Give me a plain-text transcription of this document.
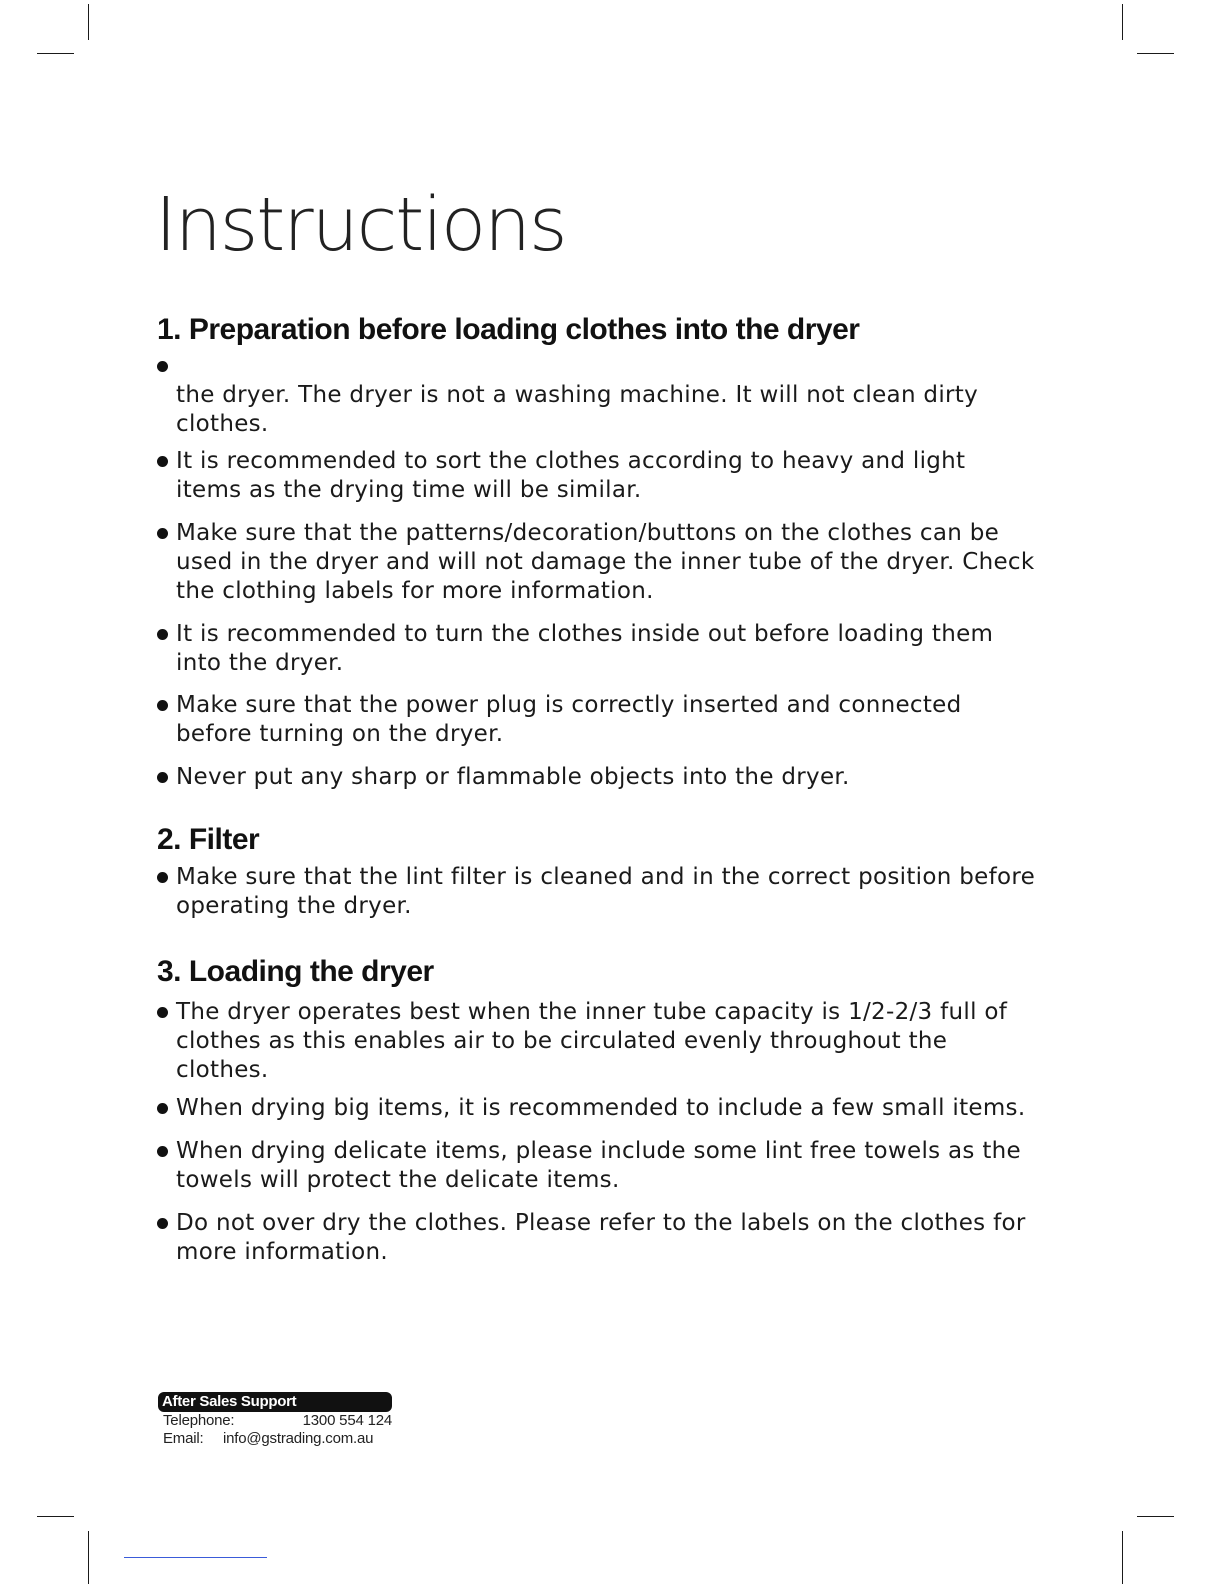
Instructions
1. Preparation before loading clothes into the dryer
the dryer. The dryer is not a washing machine. It will not clean dirty clothes.
It is recommended to sort the clothes according to heavy and light items as the drying time will be similar.
Make sure that the patterns/decoration/buttons on the clothes can be used in the dryer and will not damage the inner tube of the dryer. Check the clothing labels for more information.
It is recommended to turn the clothes inside out before loading them into the dryer.
Make sure that the power plug is correctly inserted and connected before turning on the dryer.
Never put any sharp or flammable objects into the dryer.
2. Filter
Make sure that the lint filter is cleaned and in the correct position before operating the dryer.
3. Loading the dryer
The dryer operates best when the inner tube capacity is 1/2-2/3 full of clothes as this enables air to be circulated evenly throughout the clothes.
When drying big items, it is recommended to include a few small items.
When drying delicate items, please include some lint free towels as the towels will protect the delicate items.
Do not over dry the clothes. Please refer to the labels on the clothes for more information.
After Sales Support
Telephone:	1300 554 124
Email: info@gstrading.com.au
